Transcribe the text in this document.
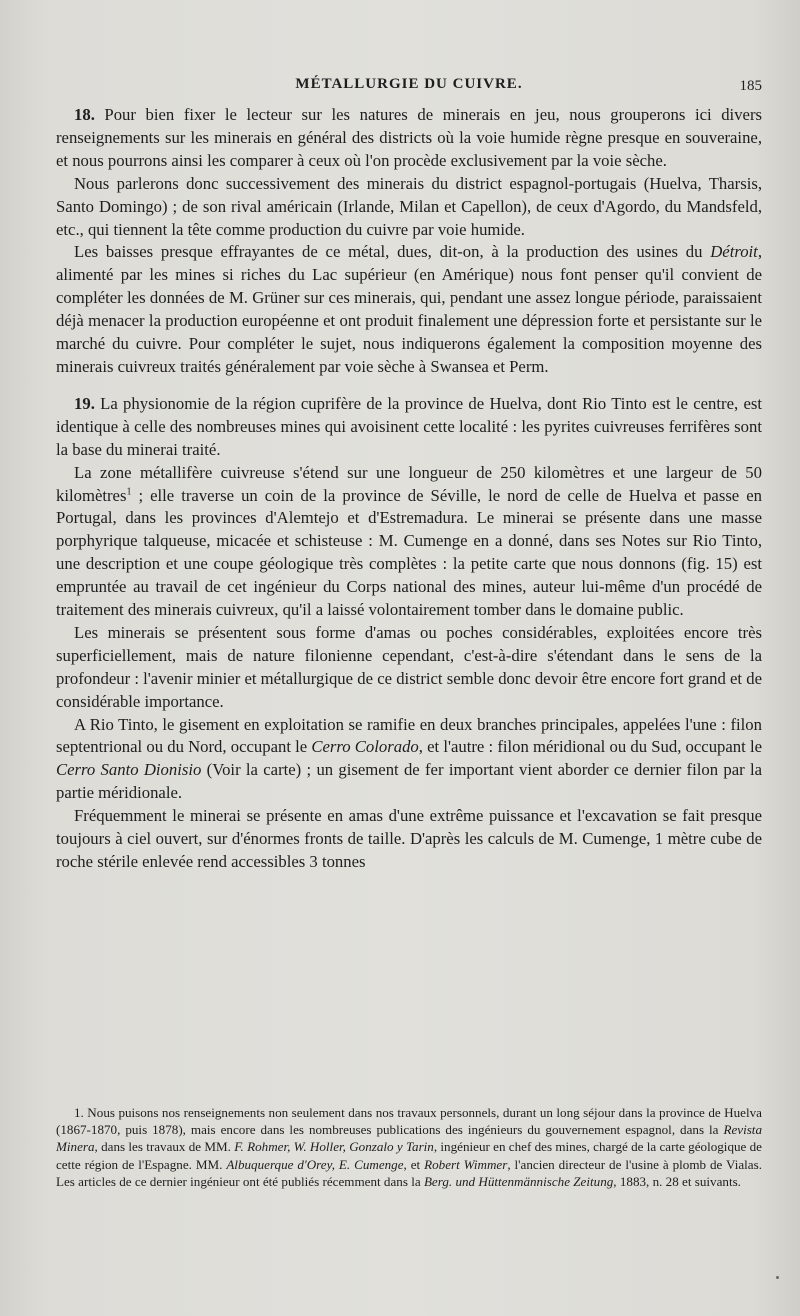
MÉTALLURGIE DU CUIVRE.	185

18. Pour bien fixer le lecteur sur les natures de minerais en jeu, nous grouperons ici divers renseignements sur les minerais en général des districts où la voie humide règne presque en souveraine, et nous pourrons ainsi les comparer à ceux où l'on procède exclusivement par la voie sèche.

Nous parlerons donc successivement des minerais du district espagnol-portugais (Huelva, Tharsis, Santo Domingo) ; de son rival américain (Irlande, Milan et Capellon), de ceux d'Agordo, du Mandsfeld, etc., qui tiennent la tête comme production du cuivre par voie humide.

Les baisses presque effrayantes de ce métal, dues, dit-on, à la production des usines du Détroit, alimenté par les mines si riches du Lac supérieur (en Amérique) nous font penser qu'il convient de compléter les données de M. Grüner sur ces minerais, qui, pendant une assez longue période, paraissaient déjà menacer la production européenne et ont produit finalement une dépression forte et persistante sur le marché du cuivre. Pour compléter le sujet, nous indiquerons également la composition moyenne des minerais cuivreux traités généralement par voie sèche à Swansea et Perm.

19. La physionomie de la région cuprifère de la province de Huelva, dont Rio Tinto est le centre, est identique à celle des nombreuses mines qui avoisinent cette localité : les pyrites cuivreuses ferrifères sont la base du minerai traité.

La zone métallifère cuivreuse s'étend sur une longueur de 250 kilomètres et une largeur de 50 kilomètres$^1$ ; elle traverse un coin de la province de Séville, le nord de celle de Huelva et passe en Portugal, dans les provinces d'Alemtejo et d'Estremadura. Le minerai se présente dans une masse porphyrique talqueuse, micacée et schisteuse : M. Cumenge en a donné, dans ses Notes sur Rio Tinto, une description et une coupe géologique très complètes : la petite carte que nous donnons (fig. 15) est empruntée au travail de cet ingénieur du Corps national des mines, auteur lui-même d'un procédé de traitement des minerais cuivreux, qu'il a laissé volontairement tomber dans le domaine public.

Les minerais se présentent sous forme d'amas ou poches considérables, exploitées encore très superficiellement, mais de nature filonienne cependant, c'est-à-dire s'étendant dans le sens de la profondeur : l'avenir minier et métallurgique de ce district semble donc devoir être encore fort grand et de considérable importance.

A Rio Tinto, le gisement en exploitation se ramifie en deux branches principales, appelées l'une : filon septentrional ou du Nord, occupant le Cerro Colorado, et l'autre : filon méridional ou du Sud, occupant le Cerro Santo Dionisio (Voir la carte) ; un gisement de fer important vient aborder ce dernier filon par la partie méridionale.

Fréquemment le minerai se présente en amas d'une extrême puissance et l'excavation se fait presque toujours à ciel ouvert, sur d'énormes fronts de taille. D'après les calculs de M. Cumenge, 1 mètre cube de roche stérile enlevée rend accessibles 3 tonnes

1. Nous puisons nos renseignements non seulement dans nos travaux personnels, durant un long séjour dans la province de Huelva (1867-1870, puis 1878), mais encore dans les nombreuses publications des ingénieurs du gouvernement espagnol, dans la Revista Minera, dans les travaux de MM. F. Rohmer, W. Holler, Gonzalo y Tarin, ingénieur en chef des mines, chargé de la carte géologique de cette région de l'Espagne. MM. Albuquerque d'Orey, E. Cumenge, et Robert Wimmer, l'ancien directeur de l'usine à plomb de Vialas. Les articles de ce dernier ingénieur ont été publiés récemment dans la Berg. und Hüttenmännische Zeitung, 1883, n. 28 et suivants.
